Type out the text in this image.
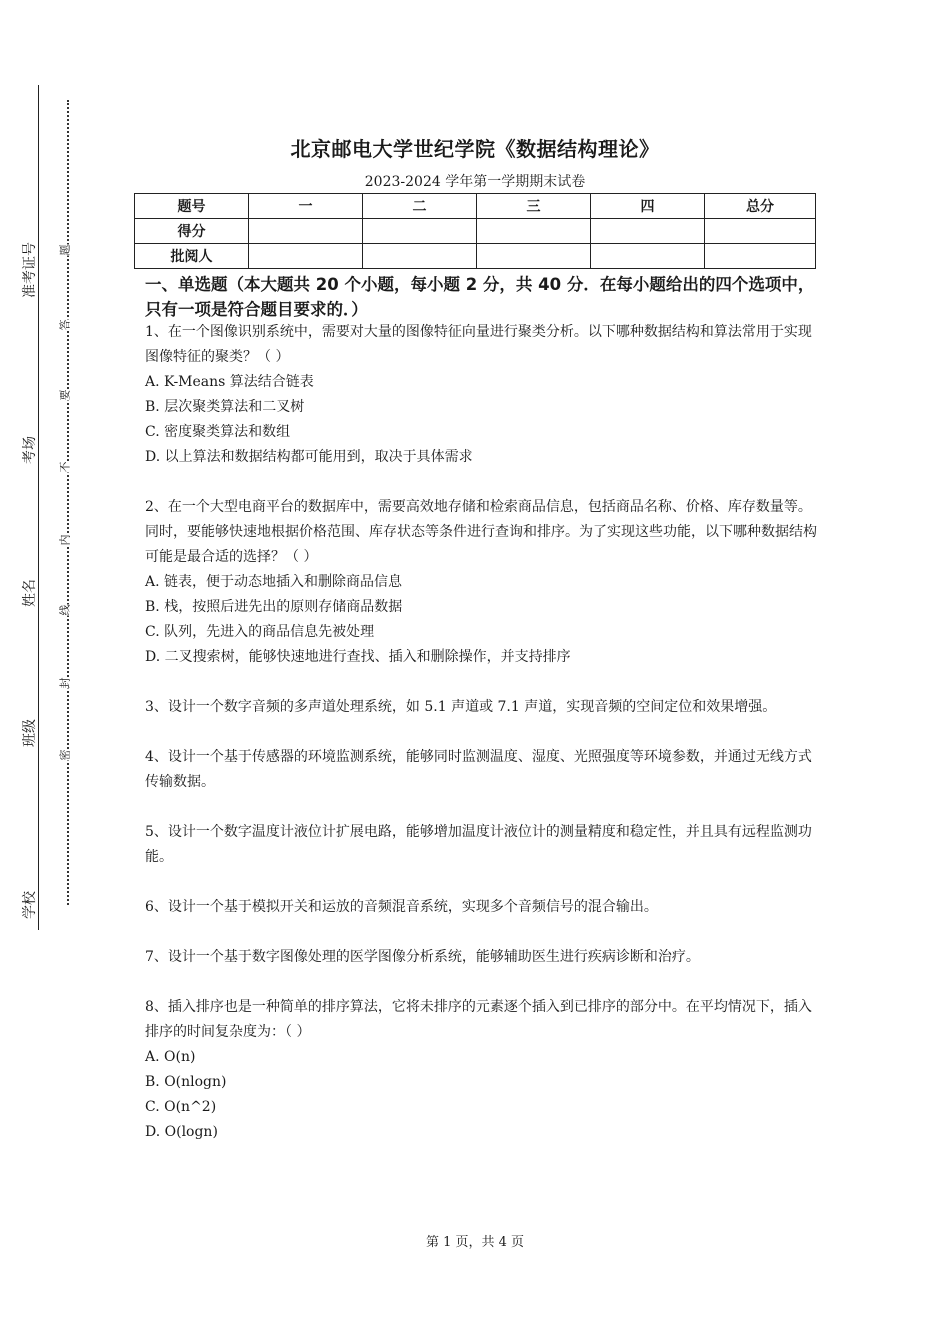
准考证号
考场
姓名
班级
学校
题
答
要
不
内
线
封
密
北京邮电大学世纪学院《数据结构理论》
2023-2024 学年第一学期期末试卷
题号	一	二	三	四	总分
得分					
批阅人					
一、单选题（本大题共 20 个小题，每小题 2 分，共 40 分．在每小题给出的四个选项中，只有一项是符合题目要求的．）

1、在一个图像识别系统中，需要对大量的图像特征向量进行聚类分析。以下哪种数据结构和算法常用于实现图像特征的聚类？（ ）

A. K-Means 算法结合链表

B. 层次聚类算法和二叉树

C. 密度聚类算法和数组

D. 以上算法和数据结构都可能用到，取决于具体需求

2、在一个大型电商平台的数据库中，需要高效地存储和检索商品信息，包括商品名称、价格、库存数量等。同时，要能够快速地根据价格范围、库存状态等条件进行查询和排序。为了实现这些功能，以下哪种数据结构可能是最合适的选择？（ ）

A. 链表，便于动态地插入和删除商品信息

B. 栈，按照后进先出的原则存储商品数据

C. 队列，先进入的商品信息先被处理

D. 二叉搜索树，能够快速地进行查找、插入和删除操作，并支持排序

3、设计一个数字音频的多声道处理系统，如 5.1 声道或 7.1 声道，实现音频的空间定位和效果增强。

4、设计一个基于传感器的环境监测系统，能够同时监测温度、湿度、光照强度等环境参数，并通过无线方式传输数据。

5、设计一个数字温度计液位计扩展电路，能够增加温度计液位计的测量精度和稳定性，并且具有远程监测功能。

6、设计一个基于模拟开关和运放的音频混音系统，实现多个音频信号的混合输出。

7、设计一个基于数字图像处理的医学图像分析系统，能够辅助医生进行疾病诊断和治疗。

8、插入排序也是一种简单的排序算法，它将未排序的元素逐个插入到已排序的部分中。在平均情况下，插入排序的时间复杂度为：（ ）

A. O(n)

B. O(nlogn)

C. O(n^2)

D. O(logn)

第 1 页，共 4 页
